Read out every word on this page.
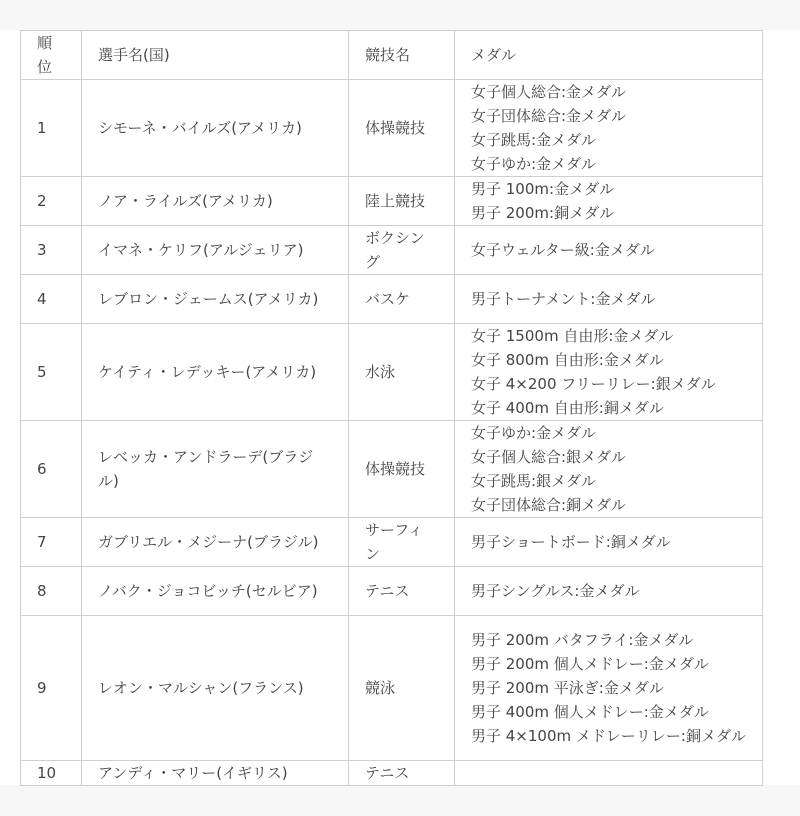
順位	選手名(国)	競技名	メダル
1	シモーネ・バイルズ(アメリカ)	体操競技	女子個人総合:金メダル
女子団体総合:金メダル
女子跳馬:金メダル
女子ゆか:金メダル

2	ノア・ライルズ(アメリカ)	陸上競技	男子 100m:金メダル
男子 200m:銅メダル

3	イマネ・ケリフ(アルジェリア)	ボクシング	女子ウェルター級:金メダル

4	レブロン・ジェームス(アメリカ)	バスケ	男子トーナメント:金メダル

5	ケイティ・レデッキー(アメリカ)	水泳	女子 1500m 自由形:金メダル
女子 800m 自由形:金メダル
女子 4×200 フリーリレー:銀メダル
女子 400m 自由形:銅メダル

6	レベッカ・アンドラーデ(ブラジル)	体操競技	女子ゆか:金メダル
女子個人総合:銀メダル
女子跳馬:銀メダル
女子団体総合:銅メダル

7	ガブリエル・メジーナ(ブラジル)	サーフィン	男子ショートボード:銅メダル

8	ノバク・ジョコビッチ(セルビア)	テニス	男子シングルス:金メダル

9	レオン・マルシャン(フランス)	競泳	男子 200m バタフライ:金メダル
男子 200m 個人メドレー:金メダル
男子 200m 平泳ぎ:金メダル
男子 400m 個人メドレー:金メダル
男子 4×100m メドレーリレー:銅メダル

10	アンディ・マリー(イギリス)	テニス	
